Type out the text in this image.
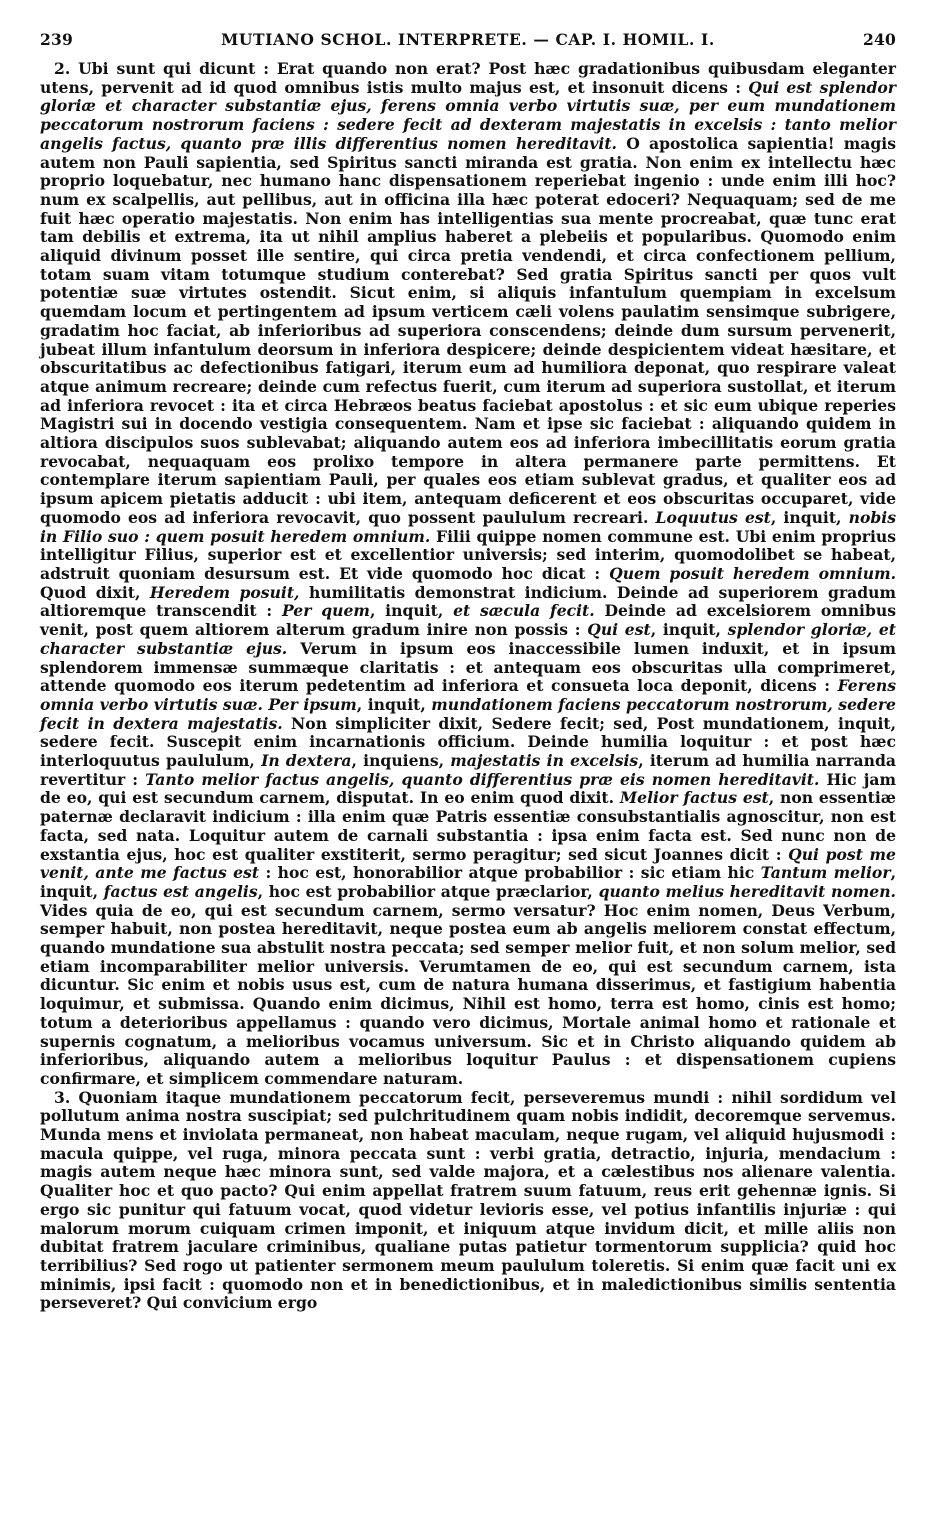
239	MUTIANO SCHOL. INTERPRETE. — CAP. I. HOMIL. I.	240

2. Ubi sunt qui dicunt : Erat quando non erat? Post hæc gradationibus quibusdam eleganter utens, pervenit ad id quod omnibus istis multo majus est, et insonuit dicens : Qui est splendor gloriæ et character substantiæ ejus, ferens omnia verbo virtutis suæ, per eum mundationem peccatorum nostrorum faciens : sedere fecit ad dexteram majestatis in excelsis : tanto melior angelis factus, quanto præ illis differentius nomen hereditavit. O apostolica sapientia! magis autem non Pauli sapientia, sed Spiritus sancti miranda est gratia. Non enim ex intellectu hæc proprio loquebatur, nec humano hanc dispensationem reperiebat ingenio : unde enim illi hoc? num ex scalpellis, aut pellibus, aut in officina illa hæc poterat edoceri? Nequaquam; sed de me fuit hæc operatio majestatis. Non enim has intelligentias sua mente procreabat, quæ tunc erat tam debilis et extrema, ita ut nihil amplius haberet a plebeiis et popularibus. Quomodo enim aliquid divinum posset ille sentire, qui circa pretia vendendi, et circa confectionem pellium, totam suam vitam totumque studium conterebat? Sed gratia Spiritus sancti per quos vult potentiæ suæ virtutes ostendit. Sicut enim, si aliquis infantulum quempiam in excelsum quemdam locum et pertingentem ad ipsum verticem cæli volens paulatim sensimque subrigere, gradatim hoc faciat, ab inferioribus ad superiora conscendens; deinde dum sursum pervenerit, jubeat illum infantulum deorsum in inferiora despicere; deinde despicientem videat hæsitare, et obscuritatibus ac defectionibus fatigari, iterum eum ad humiliora deponat, quo respirare valeat atque animum recreare; deinde cum refectus fuerit, cum iterum ad superiora sustollat, et iterum ad inferiora revocet : ita et circa Hebræos beatus faciebat apostolus : et sic eum ubique reperies Magistri sui in docendo vestigia consequentem. Nam et ipse sic faciebat : aliquando quidem in altiora discipulos suos sublevabat; aliquando autem eos ad inferiora imbecillitatis eorum gratia revocabat, nequaquam eos prolixo tempore in altera permanere parte permittens. Et contemplare iterum sapientiam Pauli, per quales eos etiam sublevat gradus, et qualiter eos ad ipsum apicem pietatis adducit : ubi item, antequam deficerent et eos obscuritas occuparet, vide quomodo eos ad inferiora revocavit, quo possent paululum recreari. Loquutus est, inquit, nobis in Filio suo : quem posuit heredem omnium. Filii quippe nomen commune est. Ubi enim proprius intelligitur Filius, superior est et excellentior universis; sed interim, quomodolibet se habeat, adstruit quoniam desursum est. Et vide quomodo hoc dicat : Quem posuit heredem omnium. Quod dixit, Heredem posuit, humilitatis demonstrat indicium. Deinde ad superiorem gradum altioremque transcendit : Per quem, inquit, et sæcula fecit. Deinde ad excelsiorem omnibus venit, post quem altiorem alterum gradum inire non possis : Qui est, inquit, splendor gloriæ, et character substantiæ ejus. Verum in ipsum eos inaccessibile lumen induxit, et in ipsum splendorem immensæ summæque claritatis : et antequam eos obscuritas ulla comprimeret, attende quomodo eos iterum pedetentim ad inferiora et consueta loca deponit, dicens : Ferens omnia verbo virtutis suæ. Per ipsum, inquit, mundationem faciens peccatorum nostrorum, sedere fecit in dextera majestatis. Non simpliciter dixit, Sedere fecit; sed, Post mundationem, inquit, sedere fecit. Suscepit enim incarnationis officium. Deinde humilia loquitur : et post hæc interloquutus paululum, In dextera, inquiens, majestatis in excelsis, iterum ad humilia narranda revertitur : Tanto melior factus angelis, quanto differentius præ eis nomen hereditavit. Hic jam de eo, qui est secundum carnem, disputat. In eo enim quod dixit. Melior factus est, non essentiæ paternæ declaravit indicium : illa enim quæ Patris essentiæ consubstantialis agnoscitur, non est facta, sed nata. Loquitur autem de carnali substantia : ipsa enim facta est. Sed nunc non de exstantia ejus, hoc est qualiter exstiterit, sermo peragitur; sed sicut Joannes dicit : Qui post me venit, ante me factus est : hoc est, honorabilior atque probabilior : sic etiam hic Tantum melior, inquit, factus est angelis, hoc est probabilior atque præclarior, quanto melius hereditavit nomen. Vides quia de eo, qui est secundum carnem, sermo versatur? Hoc enim nomen, Deus Verbum, semper habuit, non postea hereditavit, neque postea eum ab angelis meliorem constat effectum, quando mundatione sua abstulit nostra peccata; sed semper melior fuit, et non solum melior, sed etiam incomparabiliter melior universis. Verumtamen de eo, qui est secundum carnem, ista dicuntur. Sic enim et nobis usus est, cum de natura humana disserimus, et fastigium habentia loquimur, et submissa. Quando enim dicimus, Nihil est homo, terra est homo, cinis est homo; totum a deterioribus appellamus : quando vero dicimus, Mortale animal homo et rationale et supernis cognatum, a melioribus vocamus universum. Sic et in Christo aliquando quidem ab inferioribus, aliquando autem a melioribus loquitur Paulus : et dispensationem cupiens confirmare, et simplicem commendare naturam.

3. Quoniam itaque mundationem peccatorum fecit, perseveremus mundi : nihil sordidum vel pollutum anima nostra suscipiat; sed pulchritudinem quam nobis indidit, decoremque servemus. Munda mens et inviolata permaneat, non habeat maculam, neque rugam, vel aliquid hujusmodi : macula quippe, vel ruga, minora peccata sunt : verbi gratia, detractio, injuria, mendacium : magis autem neque hæc minora sunt, sed valde majora, et a cælestibus nos alienare valentia. Qualiter hoc et quo pacto? Qui enim appellat fratrem suum fatuum, reus erit gehennæ ignis. Si ergo sic punitur qui fatuum vocat, quod videtur levioris esse, vel potius infantilis injuriæ : qui malorum morum cuiquam crimen imponit, et iniquum atque invidum dicit, et mille aliis non dubitat fratrem jaculare criminibus, qualiane putas patietur tormentorum supplicia? quid hoc terribilius? Sed rogo ut patienter sermonem meum paululum toleretis. Si enim quæ facit uni ex minimis, ipsi facit : quomodo non et in benedictionibus, et in maledictionibus similis sententia perseveret? Qui convicium ergo
